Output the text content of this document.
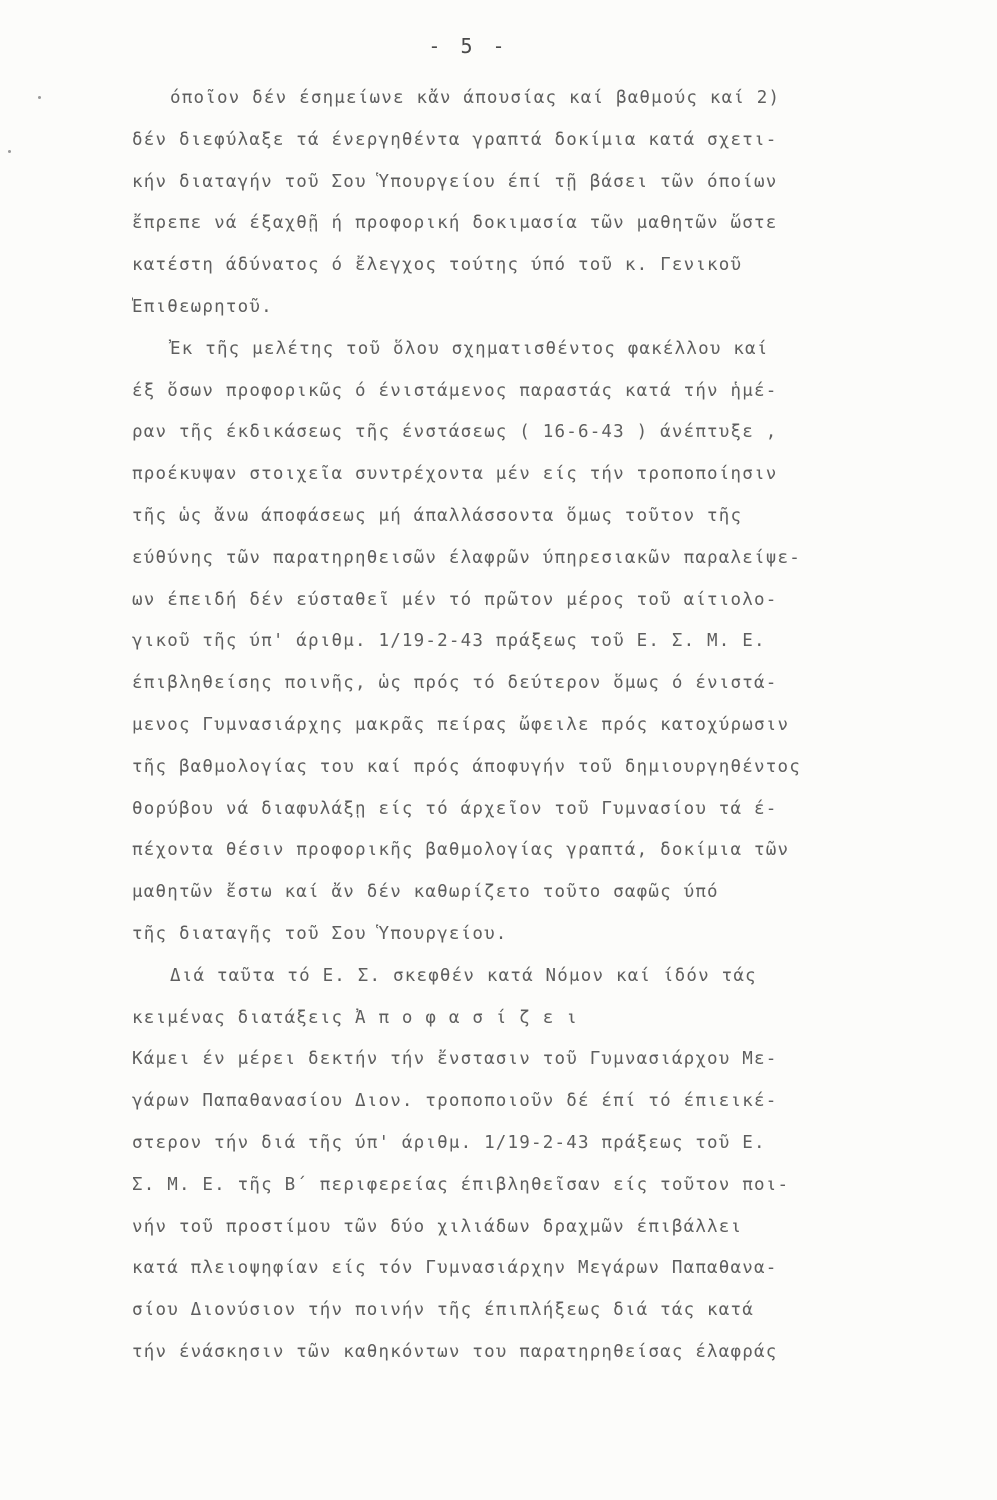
- 5 -
όποῖον δέν έσημείωνε κἄν άπουσίας καί βαθμούς καί 2)
δέν διεφύλαξε τά ένεργηθέντα γραπτά δοκίμια κατά σχετι-
κήν διαταγήν τοῦ Σου Ὑπουργείου έπί τῇ βάσει τῶν όποίων
ἔπρεπε νά έξαχθῇ ή προφορική δοκιμασία τῶν μαθητῶν ὥστε
κατέστη άδύνατος ό ἔλεγχος τούτης ύπό τοῦ κ. Γενικοῦ
Ἐπιθεωρητοῦ.
Ἐκ τῆς μελέτης τοῦ ὅλου σχηματισθέντος φακέλλου καί
έξ ὅσων προφορικῶς ό ένιστάμενος παραστάς κατά τήν ἡμέ-
ραν τῆς έκδικάσεως τῆς ένστάσεως ( 16-6-43 ) άνέπτυξε ,
προέκυψαν στοιχεῖα συντρέχοντα μέν είς τήν τροποποίησιν
τῆς ὡς ἄνω άποφάσεως μή άπαλλάσσοντα ὅμως τοῦτον τῆς
εύθύνης τῶν παρατηρηθεισῶν έλαφρῶν ύπηρεσιακῶν παραλείψε-
ων έπειδή δέν εύσταθεῖ μέν τό πρῶτον μέρος τοῦ αίτιολο-
γικοῦ τῆς ύπ' άριθμ. 1/19-2-43 πράξεως τοῦ Ε. Σ. Μ. Ε.
έπιβληθείσης ποινῆς, ὡς πρός τό δεύτερον ὅμως ό ένιστά-
μενος Γυμνασιάρχης μακρᾶς πείρας ὤφειλε πρός κατοχύρωσιν
τῆς βαθμολογίας του καί πρός άποφυγήν τοῦ δημιουργηθέντος
θορύβου νά διαφυλάξῃ είς τό άρχεῖον τοῦ Γυμνασίου τά έ-
πέχοντα θέσιν προφορικῆς βαθμολογίας γραπτά, δοκίμια τῶν
μαθητῶν ἔστω καί ἄν δέν καθωρίζετο τοῦτο σαφῶς ύπό
τῆς διαταγῆς τοῦ Σου Ὑπουργείου.
Διά ταῦτα τό Ε. Σ. σκεφθέν κατά Νόμον καί ίδόν τάς
κειμένας διατάξεις Ἀ π ο φ α σ ί ζ ε ι
Κάμει έν μέρει δεκτήν τήν ἔνστασιν τοῦ Γυμνασιάρχου Με-
γάρων Παπαθανασίου Διον. τροποποιοῦν δέ έπί τό έπιεικέ-
στερον τήν διά τῆς ύπ' άριθμ. 1/19-2-43 πράξεως τοῦ Ε.
Σ. Μ. Ε. τῆς Β΄ περιφερείας έπιβληθεῖσαν είς τοῦτον ποι-
νήν τοῦ προστίμου τῶν δύο χιλιάδων δραχμῶν έπιβάλλει
κατά πλειοψηφίαν είς τόν Γυμνασιάρχην Μεγάρων Παπαθανα-
σίου Διονύσιον τήν ποινήν τῆς έπιπλήξεως διά τάς κατά
τήν ένάσκησιν τῶν καθηκόντων του παρατηρηθείσας έλαφράς
